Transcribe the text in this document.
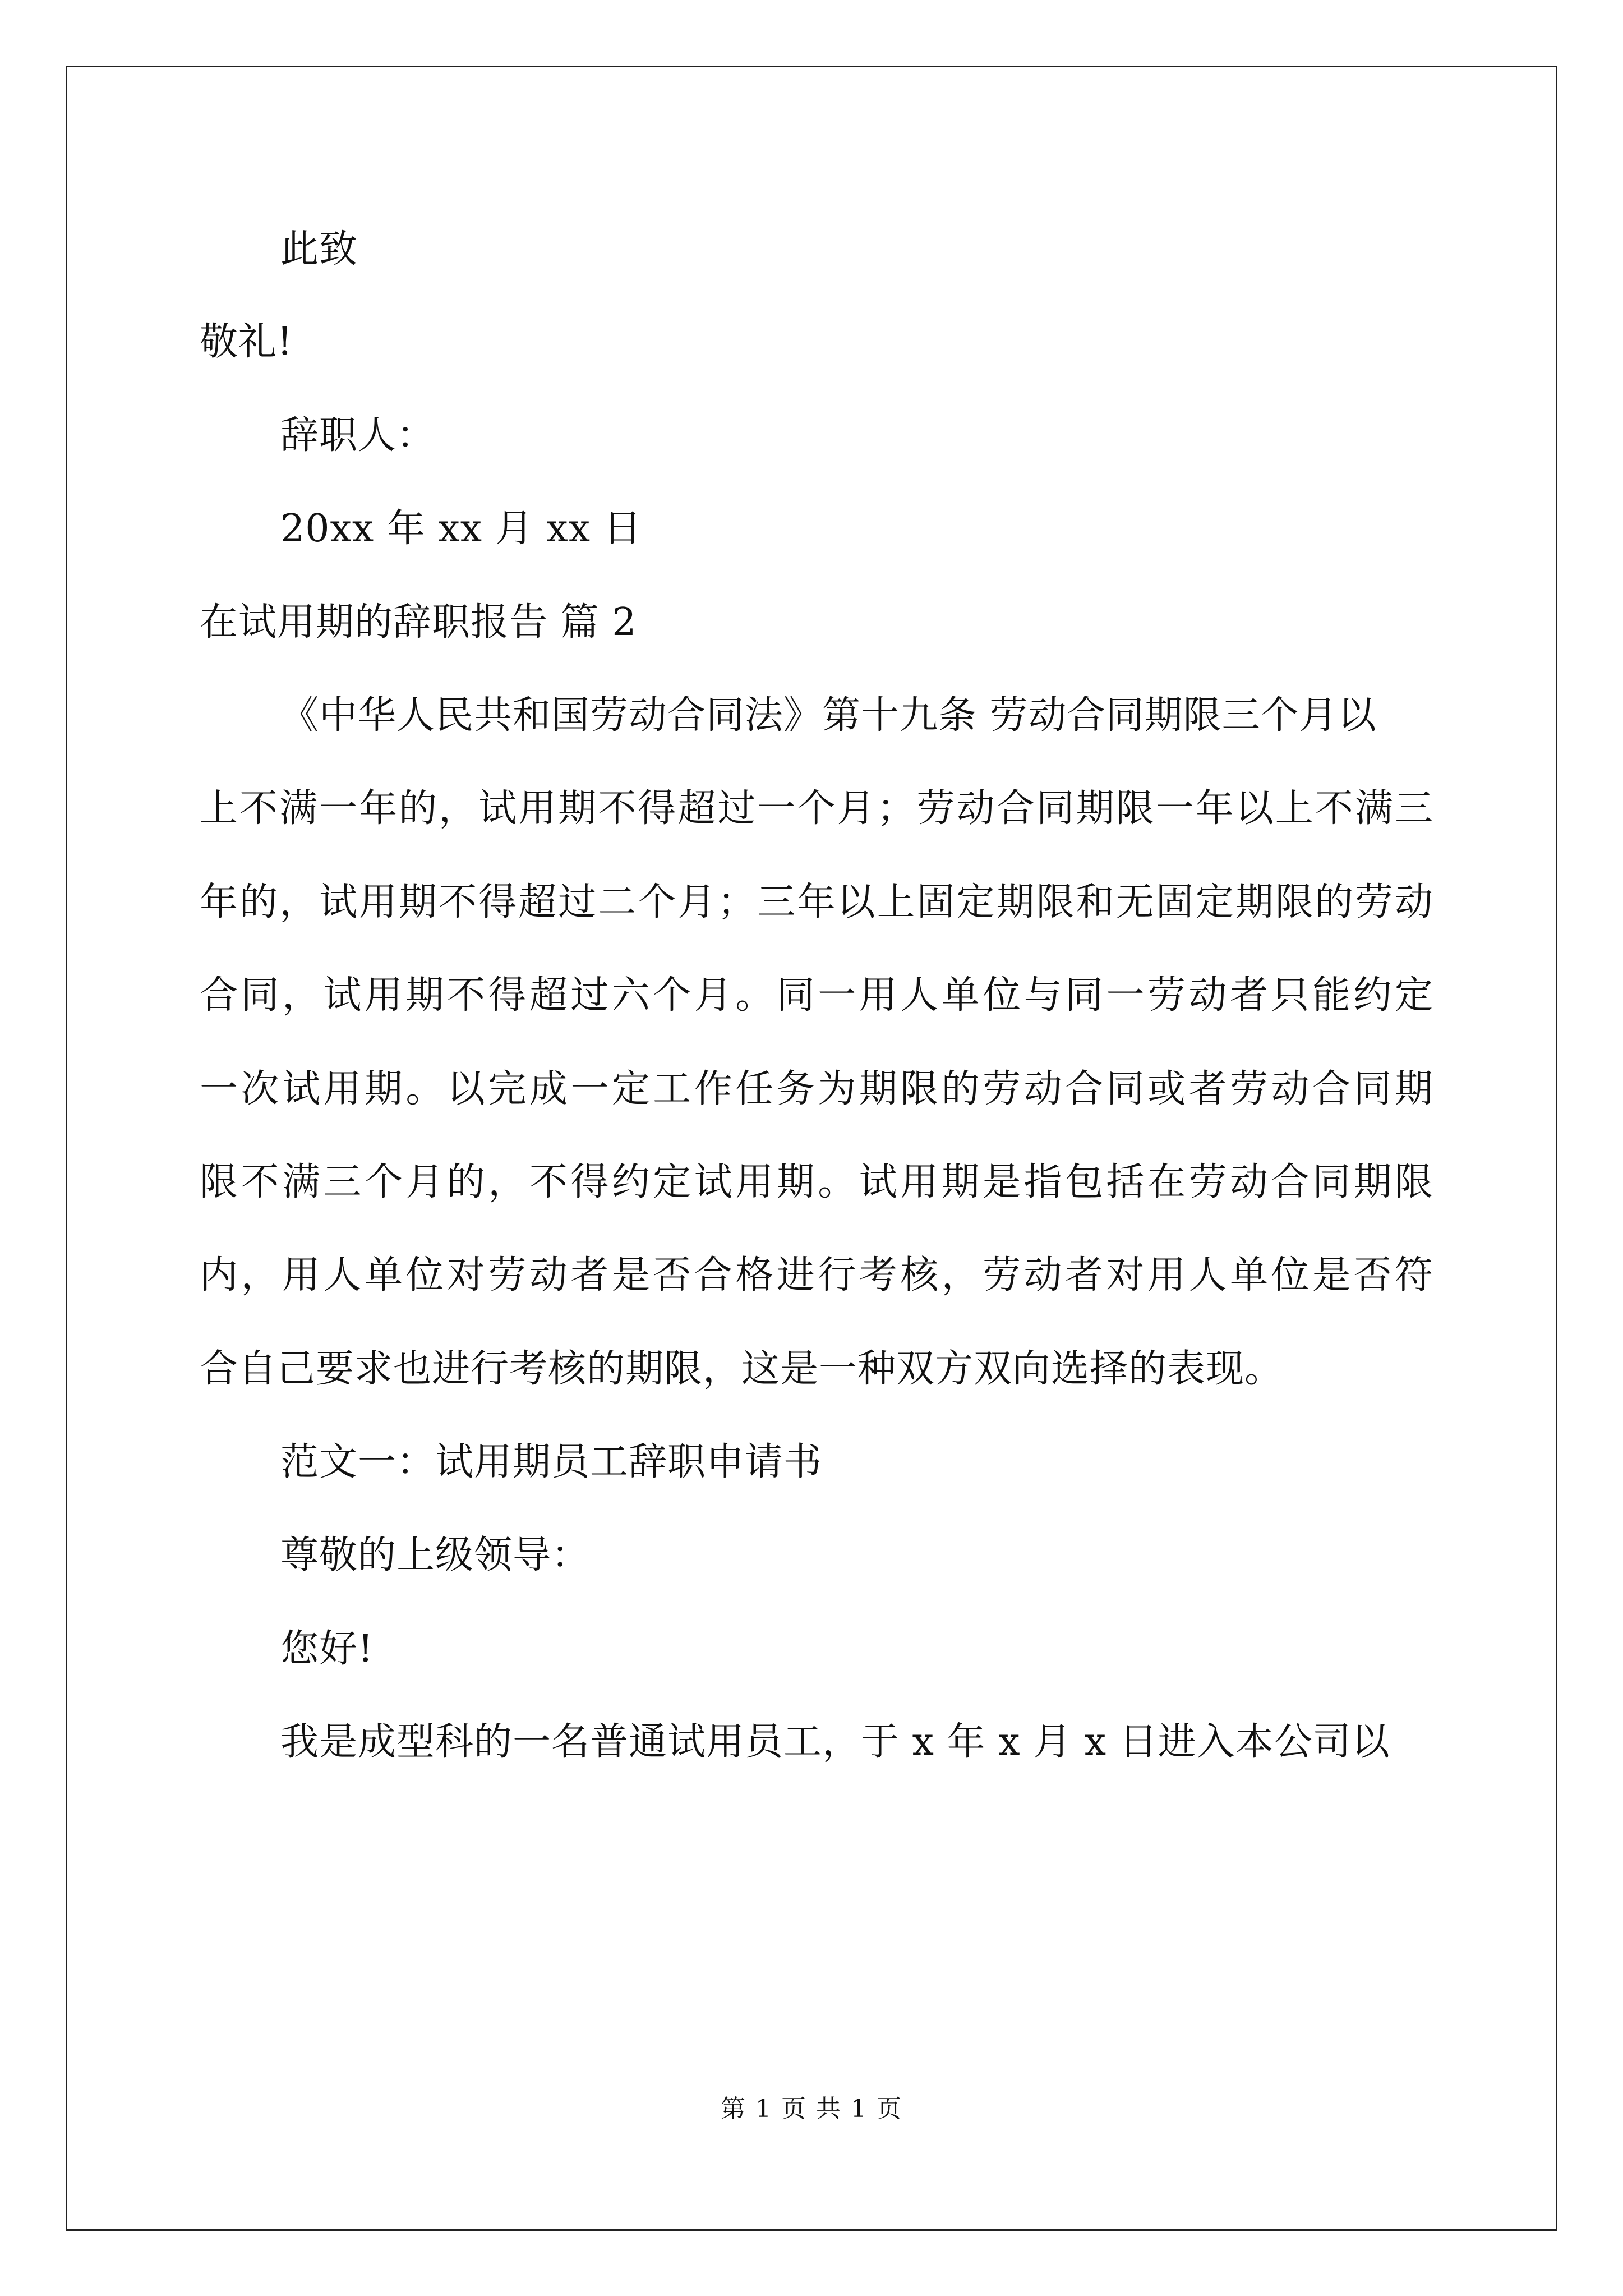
此致
敬礼!
辞职人：
20xx 年 xx 月 xx 日
在试用期的辞职报告 篇 2
《中华人民共和国劳动合同法》第十九条 劳动合同期限三个月以
上不满一年的，试用期不得超过一个月；劳动合同期限一年以上不满三
年的，试用期不得超过二个月；三年以上固定期限和无固定期限的劳动
合同，试用期不得超过六个月。同一用人单位与同一劳动者只能约定
一次试用期。以完成一定工作任务为期限的劳动合同或者劳动合同期
限不满三个月的，不得约定试用期。试用期是指包括在劳动合同期限
内，用人单位对劳动者是否合格进行考核，劳动者对用人单位是否符
合自己要求也进行考核的期限，这是一种双方双向选择的表现。
范文一：试用期员工辞职申请书
尊敬的上级领导：
您好!
我是成型科的一名普通试用员工，于 x 年 x 月 x 日进入本公司以
第 1 页 共 1 页
